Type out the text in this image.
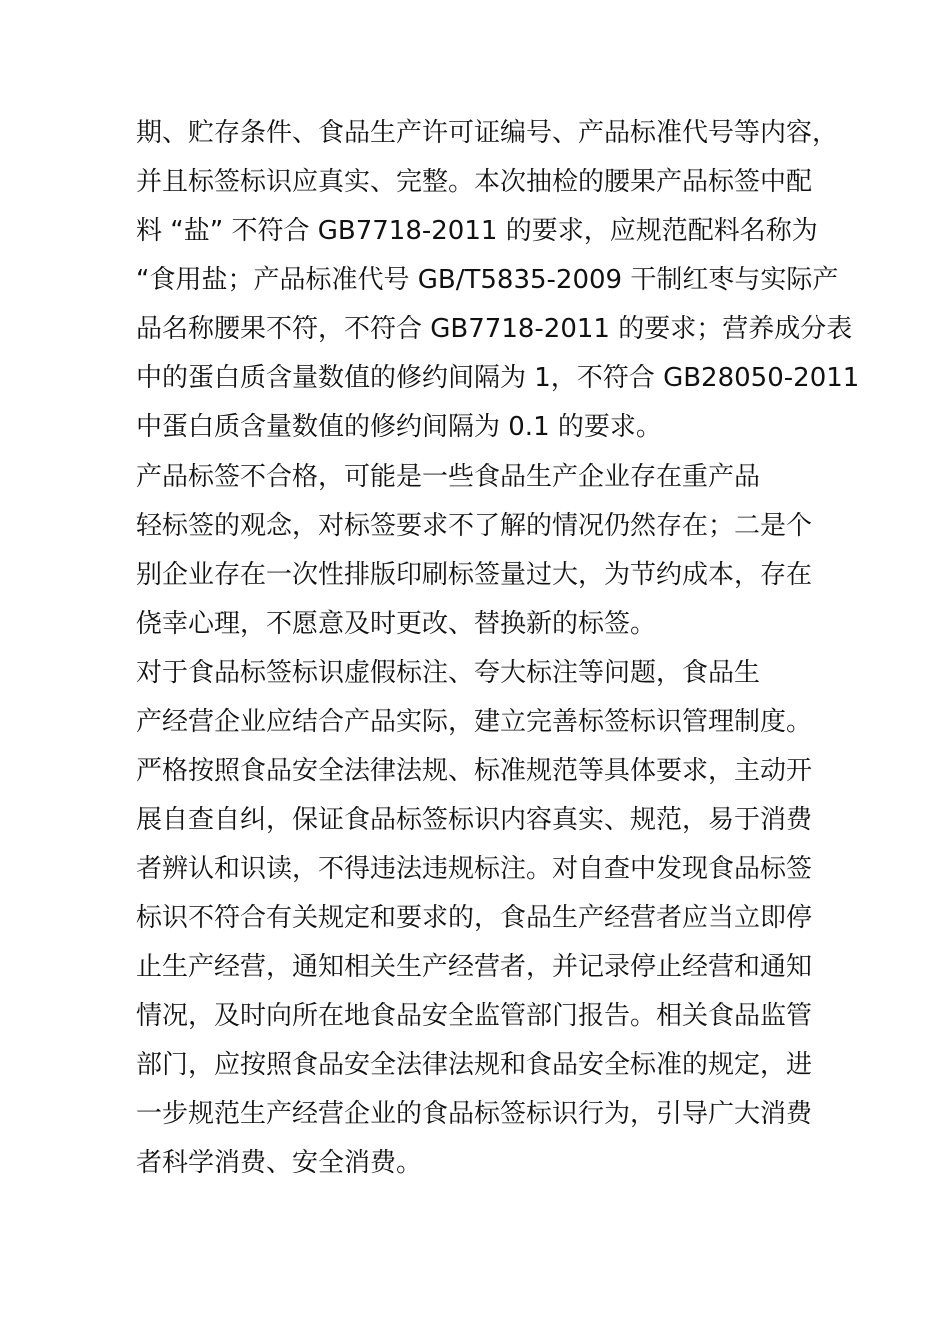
期、贮存条件、食品生产许可证编号、产品标准代号等内容，

并且标签标识应真实、完整。本次抽检的腰果产品标签中配

料 “盐” 不符合 GB7718-2011 的要求，应规范配料名称为

“食用盐；产品标准代号 GB/T5835-2009 干制红枣与实际产

品名称腰果不符，不符合 GB7718-2011 的要求；营养成分表

中的蛋白质含量数值的修约间隔为 1，不符合 GB28050-2011

中蛋白质含量数值的修约间隔为 0.1 的要求。

产品标签不合格，可能是一些食品生产企业存在重产品

轻标签的观念，对标签要求不了解的情况仍然存在；二是个

别企业存在一次性排版印刷标签量过大，为节约成本，存在

侥幸心理，不愿意及时更改、替换新的标签。

对于食品标签标识虚假标注、夸大标注等问题，食品生

产经营企业应结合产品实际，建立完善标签标识管理制度。

严格按照食品安全法律法规、标准规范等具体要求，主动开

展自查自纠，保证食品标签标识内容真实、规范，易于消费

者辨认和识读，不得违法违规标注。对自查中发现食品标签

标识不符合有关规定和要求的，食品生产经营者应当立即停

止生产经营，通知相关生产经营者，并记录停止经营和通知

情况，及时向所在地食品安全监管部门报告。相关食品监管

部门，应按照食品安全法律法规和食品安全标准的规定，进

一步规范生产经营企业的食品标签标识行为，引导广大消费

者科学消费、安全消费。
